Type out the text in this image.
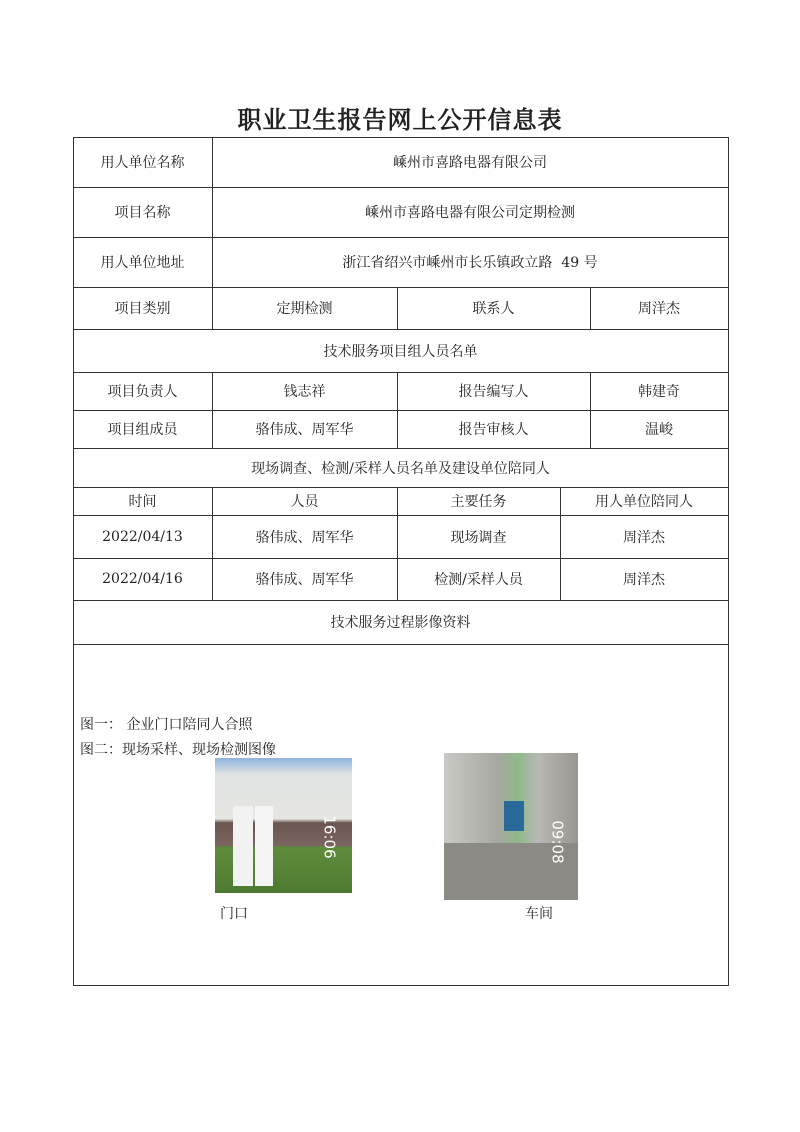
职业卫生报告网上公开信息表
用人单位名称	嵊州市喜路电器有限公司
项目名称	嵊州市喜路电器有限公司定期检测
用人单位地址	浙江省绍兴市嵊州市长乐镇政立路  49 号
项目类别	定期检测	联系人	周洋杰
技术服务项目组人员名单
项目负责人	钱志祥	报告编写人	韩建奇
项目组成员	骆伟成、周军华	报告审核人	温峻
现场调查、检测/采样人员名单及建设单位陪同人
时间	人员	主要任务	用人单位陪同人
2022/04/13	骆伟成、周军华	现场调查	周洋杰
2022/04/16	骆伟成、周军华	检测/采样人员	周洋杰
技术服务过程影像资料
图一： 企业门口陪同人合照
图二：现场采样、现场检测图像
16:06	09:08
门口	车间
